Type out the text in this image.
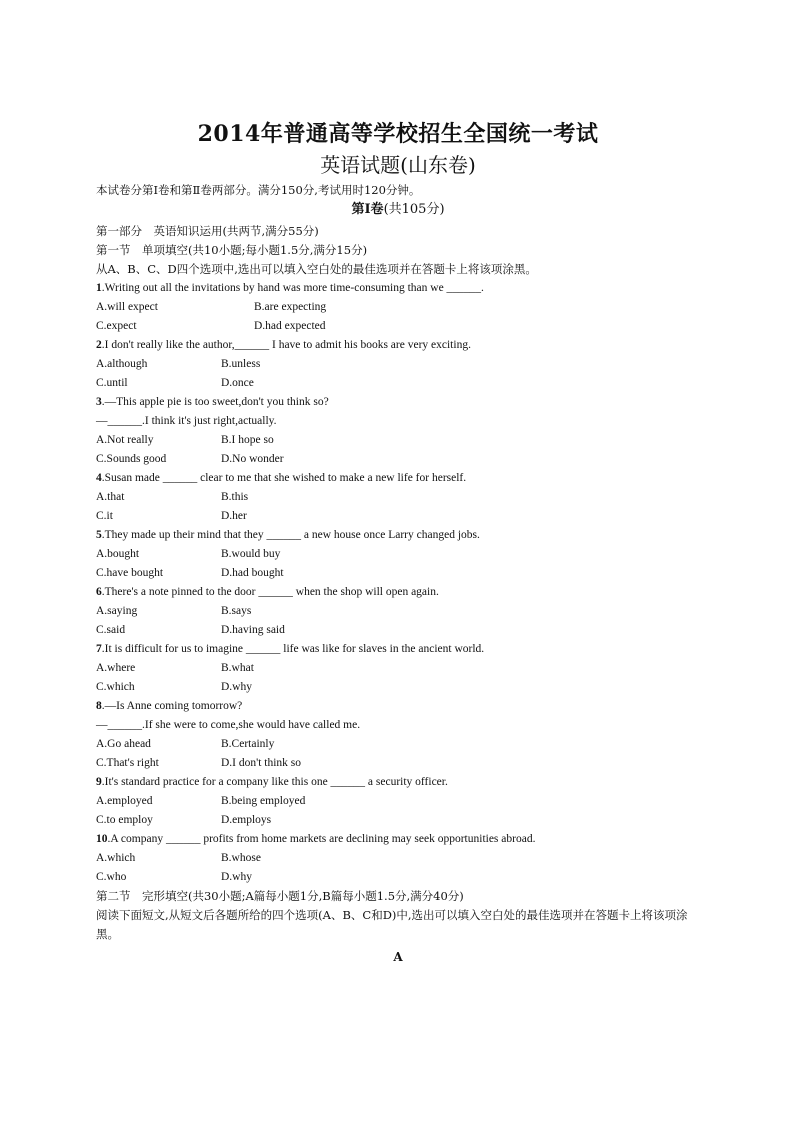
2014年普通高等学校招生全国统一考试
英语试题(山东卷)
本试卷分第Ⅰ卷和第Ⅱ卷两部分。满分150分,考试用时120分钟。
第Ⅰ卷(共105分)
第一部分　英语知识运用(共两节,满分55分)
第一节　单项填空(共10小题;每小题1.5分,满分15分)
从A、B、C、D四个选项中,选出可以填入空白处的最佳选项并在答题卡上将该项涂黑。
1.Writing out all the invitations by hand was more time-consuming than we ______.
A.will expect	B.are expecting
C.expect	D.had expected
2.I don't really like the author,______ I have to admit his books are very exciting.
A.although	B.unless
C.until	D.once
3.—This apple pie is too sweet,don't you think so?
—______.I think it's just right,actually.
A.Not really	B.I hope so
C.Sounds good	D.No wonder
4.Susan made ______ clear to me that she wished to make a new life for herself.
A.that	B.this
C.it	D.her
5.They made up their mind that they ______ a new house once Larry changed jobs.
A.bought	B.would buy
C.have bought	D.had bought
6.There's a note pinned to the door ______ when the shop will open again.
A.saying	B.says
C.said	D.having said
7.It is difficult for us to imagine ______ life was like for slaves in the ancient world.
A.where	B.what
C.which	D.why
8.—Is Anne coming tomorrow?
—______.If she were to come,she would have called me.
A.Go ahead	B.Certainly
C.That's right	D.I don't think so
9.It's standard practice for a company like this one ______ a security officer.
A.employed	B.being employed
C.to employ	D.employs
10.A company ______ profits from home markets are declining may seek opportunities abroad.
A.which	B.whose
C.who	D.why
第二节　完形填空(共30小题;A篇每小题1分,B篇每小题1.5分,满分40分)
阅读下面短文,从短文后各题所给的四个选项(A、B、C和D)中,选出可以填入空白处的最佳选项并在答题卡上将该项涂黑。
A
